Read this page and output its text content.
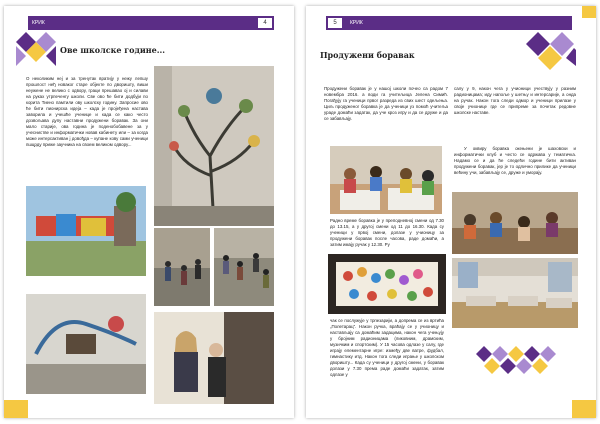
КРИК	4
Ове школске године...
О неколиким неј и за тренутак вратију у нежу лепшу прошлост неђ новаког старе објекте по дворишту, виши неужене не велико с одвору, граци прешавао ој и силави на руках утрпеченгу школи. Све ово ће бити додбуји по корита Тиено памтили ову школску годину. Запросие ово ће бити пионирска идеја – када је пројеђена настава заворила и учешће ученице и када се како често дозвољава дупу наставни продужени боравак. За они мало старије, ова година је поденобобавене за у учеснистве и информатички новав кабинету или – за когда може интерсактиван ј довођда – купане кову сами ученици пшцрду приже заучника на своем великом одвору...
5	КРИК
Продужени боравак
Продужени боравак је у нашој школи почео са радом 7 новембра 2016. а води га учитељица Јелена Симић. Погађују га ученици првог разреда из свих шест одељења. Циљ продуженог боравка је да ученици уз помоћ учитеља ураде домаћи задатак, да уче кроз игру и да се друже и да се забављају.
Радно време боравка је у преподневној смени од 7.30 до 13.15, а у другој смени од 11 до 16.30. Када су ученици у првој смени, долазе у учионицу за продужени боравак после часова, раде домаћи, а затим имају ручак у 12.30. Ру
чак се послужује у трпезарији, а допрема се из вртића „Полетарац”. Након ручка, враћају се у учионицу и настављају са домаћим задацима, након чега учењују у бројним радионицама (ликовним, драмским, музичким и спортским). У 15 часова одлазе у салу, где играју елементарне игре: између две ватре, фудбал, гимнастику итд. Након тога следи играње у школском дворишту... Када су ученици у другој смени, у боравак долази у 7.30 према раде домаћи задатак, затим одлазе у
салу у 9, након чега у учионици учествују у разним радионицама; иду напоље у шетњу и интерсарије, а онда на ручак. Након тога следи одмор и ученици прилазе у своје учионице где се припреме за почетак редовне школске наставе.
У оквиру боравка окењени је шаховски и информатички клуб и често се одржава у тематичка. Надамо се и да ће следећи године бити активан продужени боравак, јер је то одлично прилике да ученици већину учи, забављају се, друже и уморају.
